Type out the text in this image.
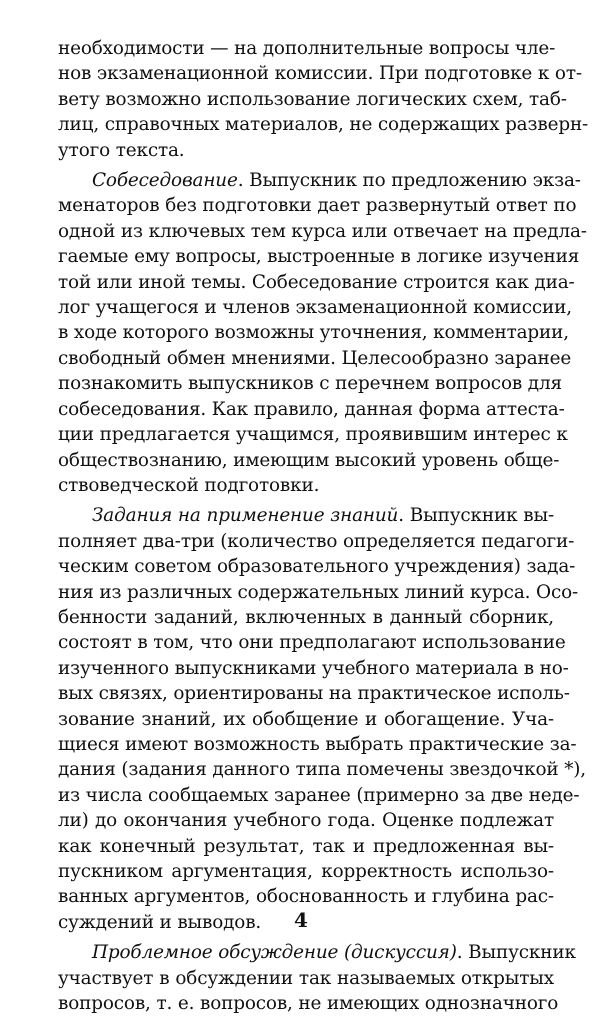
необходимости — на дополнительные вопросы чле-
нов экзаменационной комиссии. При подготовке к от-
вету возможно использование логических схем, таб-
лиц, справочных материалов, не содержащих разверн-
утого текста.
Собеседование. Выпускник по предложению экза-
менаторов без подготовки дает развернутый ответ по
одной из ключевых тем курса или отвечает на предла-
гаемые ему вопросы, выстроенные в логике изучения
той или иной темы. Собеседование строится как диа-
лог учащегося и членов экзаменационной комиссии,
в ходе которого возможны уточнения, комментарии,
свободный обмен мнениями. Целесообразно заранее
познакомить выпускников с перечнем вопросов для
собеседования. Как правило, данная форма аттеста-
ции предлагается учащимся, проявившим интерес к
обществознанию, имеющим высокий уровень обще-
ствоведческой подготовки.
Задания на применение знаний. Выпускник вы-
полняет два-три (количество определяется педагоги-
ческим советом образовательного учреждения) зада-
ния из различных содержательных линий курса. Осо-
бенности заданий, включенных в данный сборник,
состоят в том, что они предполагают использование
изученного выпускниками учебного материала в но-
вых связях, ориентированы на практическое исполь-
зование знаний, их обобщение и обогащение. Уча-
щиеся имеют возможность выбрать практические за-
дания (задания данного типа помечены звездочкой *),
из числа сообщаемых заранее (примерно за две неде-
ли) до окончания учебного года. Оценке подлежат
как конечный результат, так и предложенная вы-
пускником аргументация, корректность использо-
ванных аргументов, обоснованность и глубина рас-
суждений и выводов.
Проблемное обсуждение (дискуссия). Выпускник
участвует в обсуждении так называемых открытых
вопросов, т. е. вопросов, не имеющих однозначного
4
